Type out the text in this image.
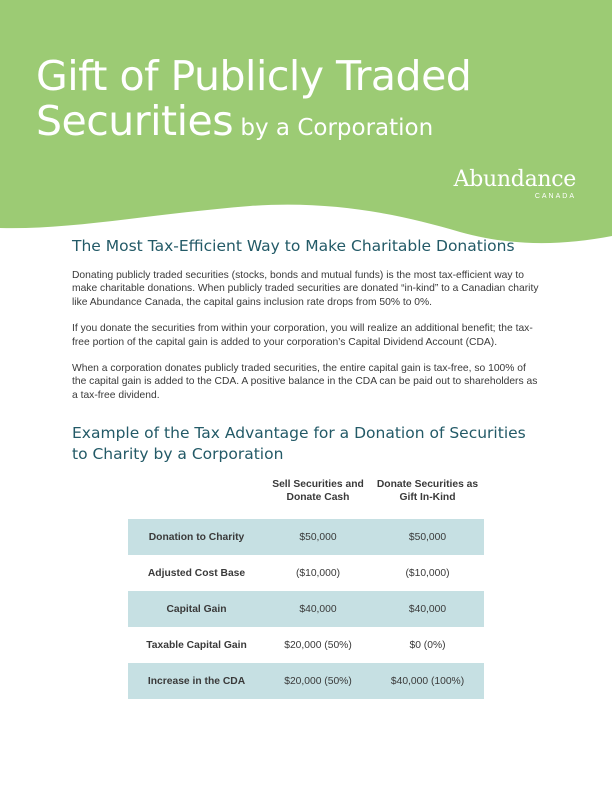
Gift of Publicly Traded
Securities by a Corporation
Abundance
CANADA
The Most Tax-Efficient Way to Make Charitable Donations

Donating publicly traded securities (stocks, bonds and mutual funds) is the most tax-efficient way to make charitable donations. When publicly traded securities are donated “in-kind” to a Canadian charity like Abundance Canada, the capital gains inclusion rate drops from 50% to 0%.

If you donate the securities from within your corporation, you will realize an additional benefit; the tax-free portion of the capital gain is added to your corporation’s Capital Dividend Account (CDA).

When a corporation donates publicly traded securities, the entire capital gain is tax-free, so 100% of the capital gain is added to the CDA. A positive balance in the CDA can be paid out to shareholders as a tax-free dividend.

Example of the Tax Advantage for a Donation of Securities to Charity by a Corporation
	Sell Securities and Donate Cash	Donate Securities as Gift In-Kind
Donation to Charity	$50,000	$50,000
Adjusted Cost Base	($10,000)	($10,000)
Capital Gain	$40,000	$40,000
Taxable Capital Gain	$20,000 (50%)	$0 (0%)
Increase in the CDA	$20,000 (50%)	$40,000 (100%)
